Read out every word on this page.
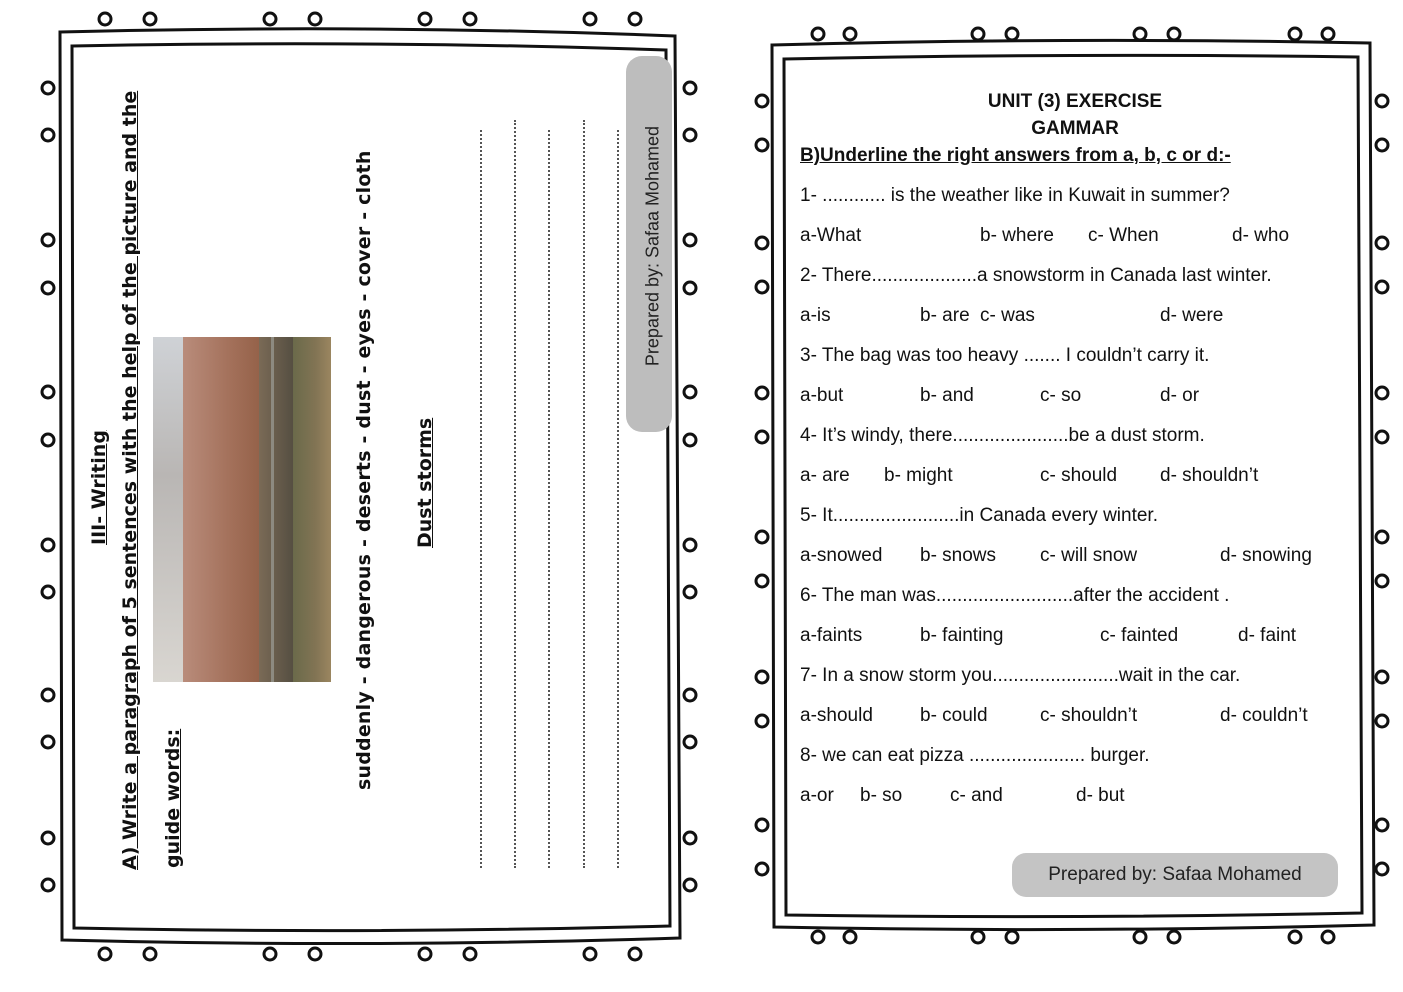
III- Writing A) Write a paragraph of 5 sentences with the help of the picture and the guide words:
suddenly - dangerous - deserts - dust - eyes - cover - cloth Dust storms
Prepared by: Safaa Mohamed
UNIT (3) EXERCISE
GAMMAR
B)Underline the right answers from a, b, c or d:-
1- ............ is the weather like in Kuwait in summer?
a-What	b- where c- When	d- who
2- There....................a snowstorm in Canada last winter.
a-is	b- are c- was	d- were
3- The bag was too heavy ....... I couldn’t carry it.
a-but	b- and	c- so	d- or
4- It’s windy, there......................be a dust storm.
a- are b- might	c- should d- shouldn’t
5- It........................in Canada every winter.
a-snowed b- snows c- will snow	d- snowing
6- The man was..........................after the accident .
a-faints	b- fainting	c- fainted	d- faint
7- In a snow storm you........................wait in the car.
a-should b- could	c- shouldn’t	d- couldn’t
8- we can eat pizza ...................... burger.
a-or b- so	c- and	d- but
Prepared by: Safaa Mohamed
